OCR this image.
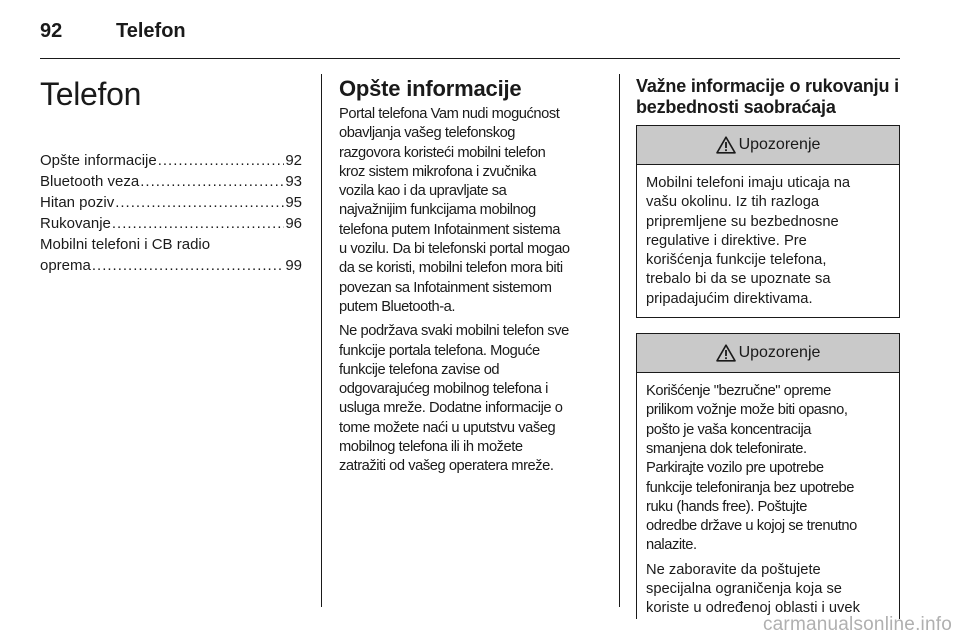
92	Telefon
Telefon
Opšte informacije .....	92
Bluetooth veza .....	93
Hitan poziv .....	95
Rukovanje .....	96
Mobilni telefoni i CB radio
oprema .....	99
Opšte informacije
Portal telefona Vam nudi mogućnost
obavljanja vašeg telefonskog
razgovora koristeći mobilni telefon
kroz sistem mikrofona i zvučnika
vozila kao i da upravljate sa
najvažnijim funkcijama mobilnog
telefona putem Infotainment sistema
u vozilu. Da bi telefonski portal mogao
da se koristi, mobilni telefon mora biti
povezan sa Infotainment sistemom
putem Bluetooth-a.
Ne podržava svaki mobilni telefon sve
funkcije portala telefona. Moguće
funkcije telefona zavise od
odgovarajućeg mobilnog telefona i
usluga mreže. Dodatne informacije o
tome možete naći u uputstvu vašeg
mobilnog telefona ili ih možete
zatražiti od vašeg operatera mreže.
Važne informacije o rukovanju i
bezbednosti saobraćaja
Upozorenje
Mobilni telefoni imaju uticaja na
vašu okolinu. Iz tih razloga
pripremljene su bezbednosne
regulative i direktive. Pre
korišćenja funkcije telefona,
trebalo bi da se upoznate sa
pripadajućim direktivama.
Upozorenje
Korišćenje "bezručne" opreme
prilikom vožnje može biti opasno,
pošto je vaša koncentracija
smanjena dok telefonirate.
Parkirajte vozilo pre upotrebe
funkcije telefoniranja bez upotrebe
ruku (hands free). Poštujte
odredbe države u kojoj se trenutno
nalazite.
Ne zaboravite da poštujete
specijalna ograničenja koja se
koriste u određenoj oblasti i uvek
carmanualsonline.info
